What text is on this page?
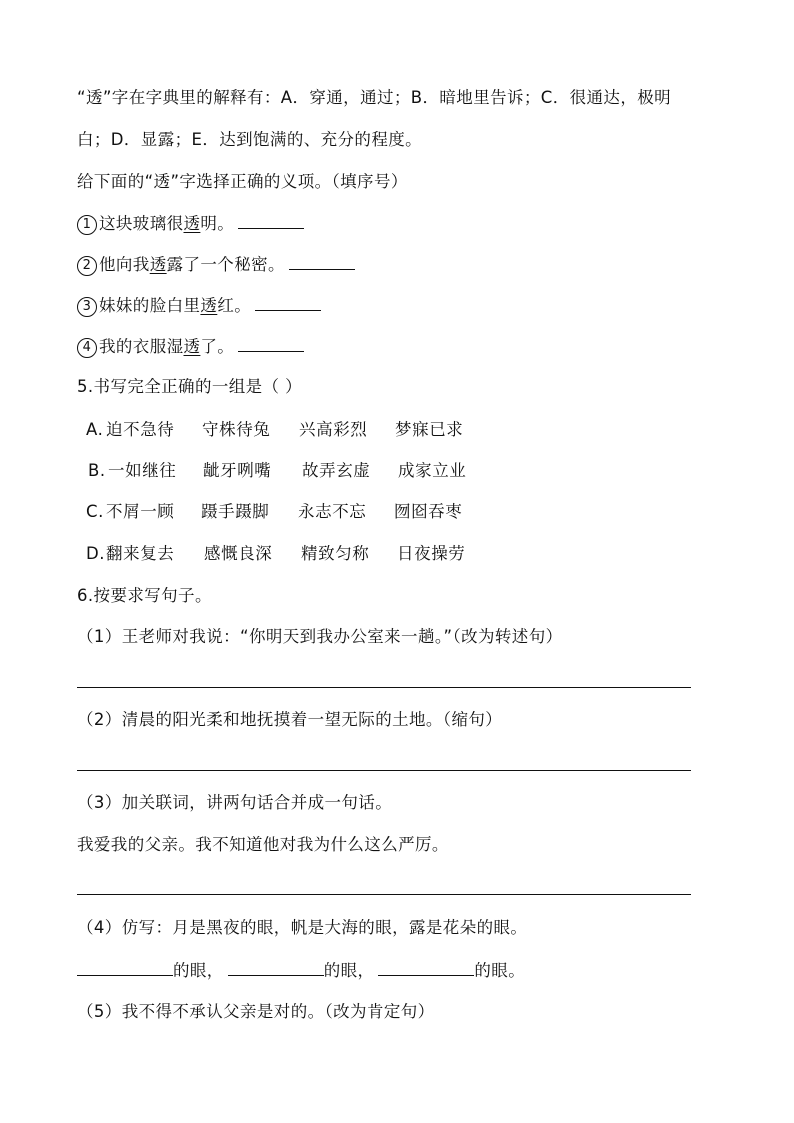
“透”字在字典里的解释有：A．穿通，通过；B．暗地里告诉；C．很通达，极明
白；D．显露；E．达到饱满的、充分的程度。
给下面的“透”字选择正确的义项。（填序号）
1 这块玻璃很透明。
2 他向我透露了一个秘密。
3 妹妹的脸白里透红。
4 我的衣服湿透了。
5.书写完全正确的一组是（ ）
A. 迫不急待 守株待兔 兴高彩烈 梦寐已求
B. 一如继往 龇牙咧嘴 故弄玄虚 成家立业
C. 不屑一顾 蹑手蹑脚 永志不忘 囫囵吞枣
D. 翻来复去 感慨良深 精致匀称 日夜操劳
6.按要求写句子。
（1）王老师对我说：“你明天到我办公室来一趟。”（改为转述句）
（2）清晨的阳光柔和地抚摸着一望无际的土地。（缩句）
（3）加关联词，讲两句话合并成一句话。
我爱我的父亲。我不知道他对我为什么这么严厉。
（4）仿写：月是黑夜的眼，帆是大海的眼，露是花朵的眼。
的眼，	的眼，	的眼。
（5）我不得不承认父亲是对的。（改为肯定句）
